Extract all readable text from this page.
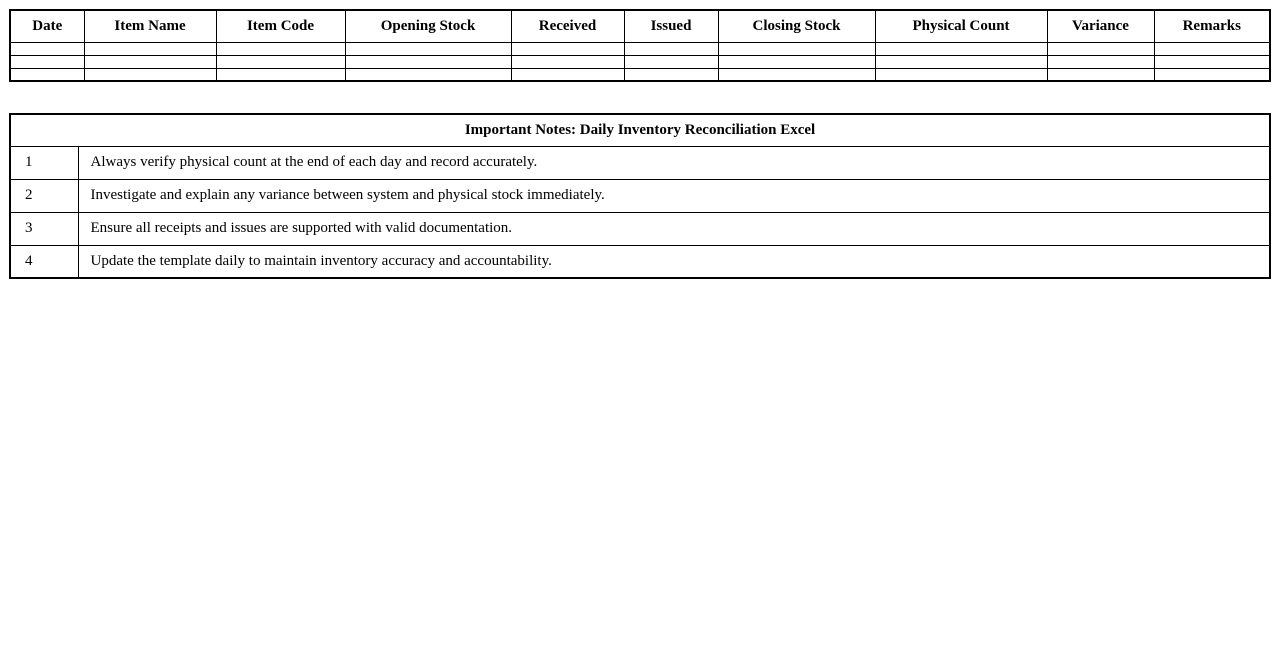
Date	Item Name	Item Code	Opening Stock	Received	Issued	Closing Stock	Physical Count	Variance	Remarks

Important Notes: Daily Inventory Reconciliation Excel	
1	Always verify physical count at the end of each day and record accurately.
2	Investigate and explain any variance between system and physical stock immediately.
3	Ensure all receipts and issues are supported with valid documentation.
4	Update the template daily to maintain inventory accuracy and accountability.
